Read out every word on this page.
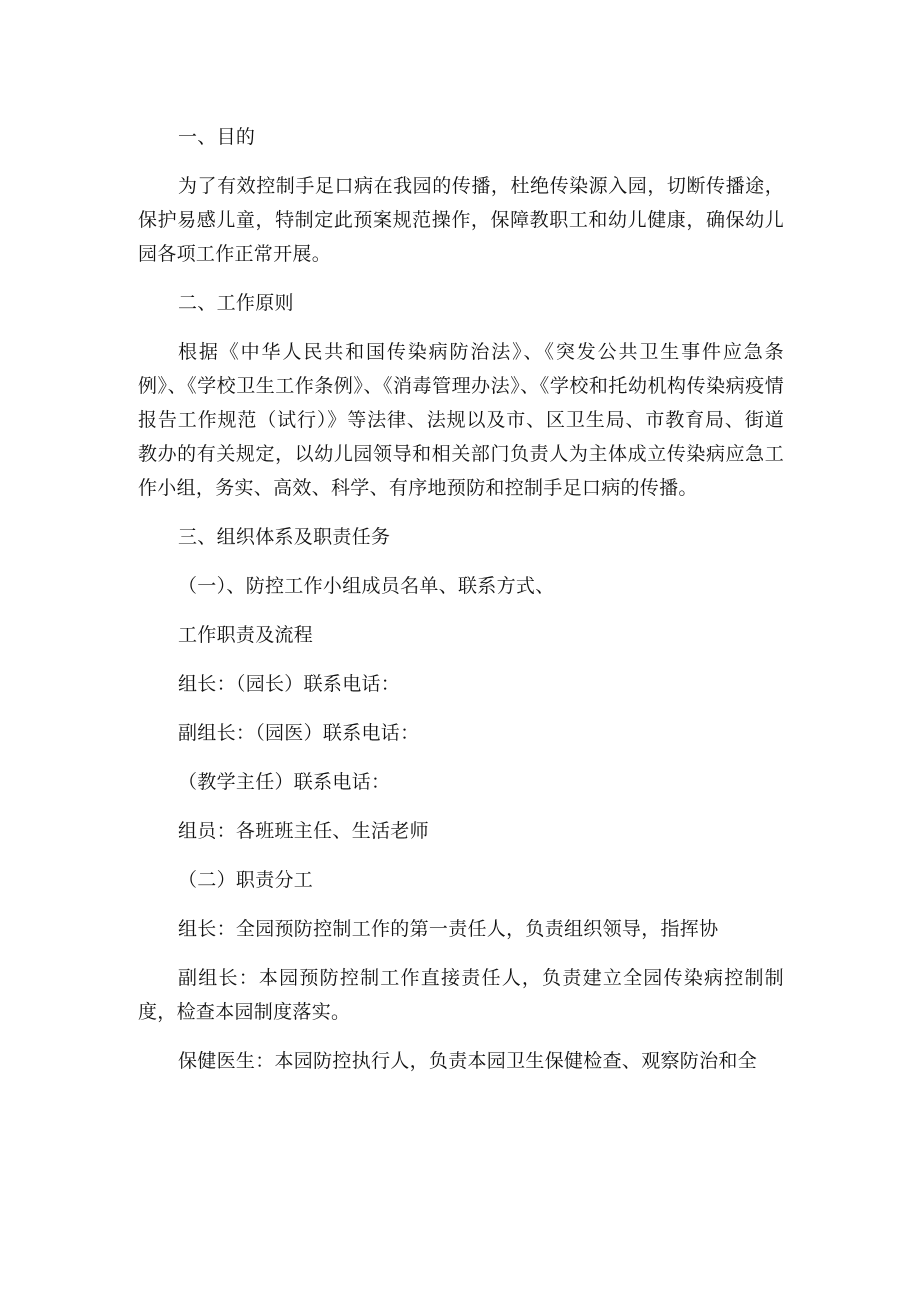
一、目的

为了有效控制手足口病在我园的传播，杜绝传染源入园，切断传播途，保护易感儿童，特制定此预案规范操作，保障教职工和幼儿健康，确保幼儿园各项工作正常开展。

二、工作原则

根据《中华人民共和国传染病防治法》、《突发公共卫生事件应急条例》、《学校卫生工作条例》、《消毒管理办法》、《学校和托幼机构传染病疫情报告工作规范（试行）》等法律、法规以及市、区卫生局、市教育局、街道教办的有关规定，以幼儿园领导和相关部门负责人为主体成立传染病应急工作小组，务实、高效、科学、有序地预防和控制手足口病的传播。

三、组织体系及职责任务

（一）、防控工作小组成员名单、联系方式、

工作职责及流程

组长：（园长）联系电话：

副组长：（园医）联系电话：

（教学主任）联系电话：

组员：各班班主任、生活老师

（二）职责分工

组长：全园预防控制工作的第一责任人，负责组织领导，指挥协

副组长：本园预防控制工作直接责任人，负责建立全园传染病控制制度，检查本园制度落实。

保健医生：本园防控执行人，负责本园卫生保健检查、观察防治和全
